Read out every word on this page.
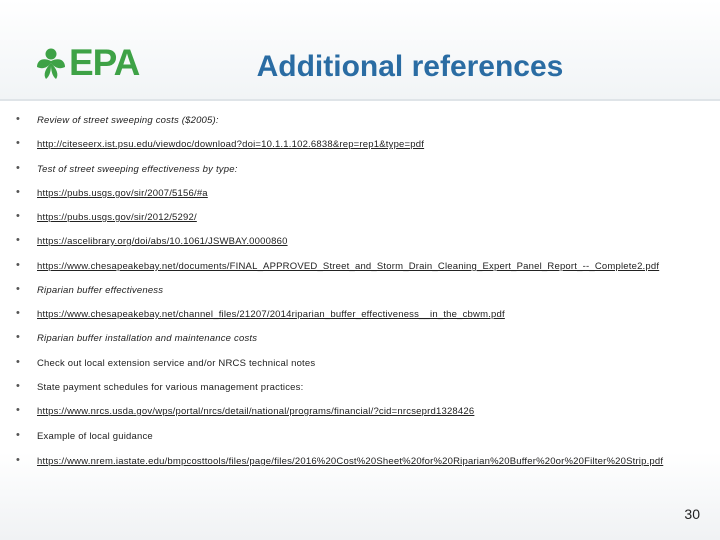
EPA	Additional references
• Review of street sweeping costs ($2005):
• http://citeseerx.ist.psu.edu/viewdoc/download?doi=10.1.1.102.6838&rep=rep1&type=pdf
• Test of street sweeping effectiveness by type:
• https://pubs.usgs.gov/sir/2007/5156/#a
• https://pubs.usgs.gov/sir/2012/5292/
• https://ascelibrary.org/doi/abs/10.1061/JSWBAY.0000860
• https://www.chesapeakebay.net/documents/FINAL_APPROVED_Street_and_Storm_Drain_Cleaning_Expert_Panel_Report_--_Complete2.pdf
• Riparian buffer effectiveness
• https://www.chesapeakebay.net/channel_files/21207/2014riparian_buffer_effectiveness__in_the_cbwm.pdf
• Riparian buffer installation and maintenance costs
• Check out local extension service and/or NRCS technical notes
• State payment schedules for various management practices:
• https://www.nrcs.usda.gov/wps/portal/nrcs/detail/national/programs/financial/?cid=nrcseprd1328426
• Example of local guidance
• https://www.nrem.iastate.edu/bmpcosttools/files/page/files/2016%20Cost%20Sheet%20for%20Riparian%20Buffer%20or%20Filter%20Strip.pdf
30
